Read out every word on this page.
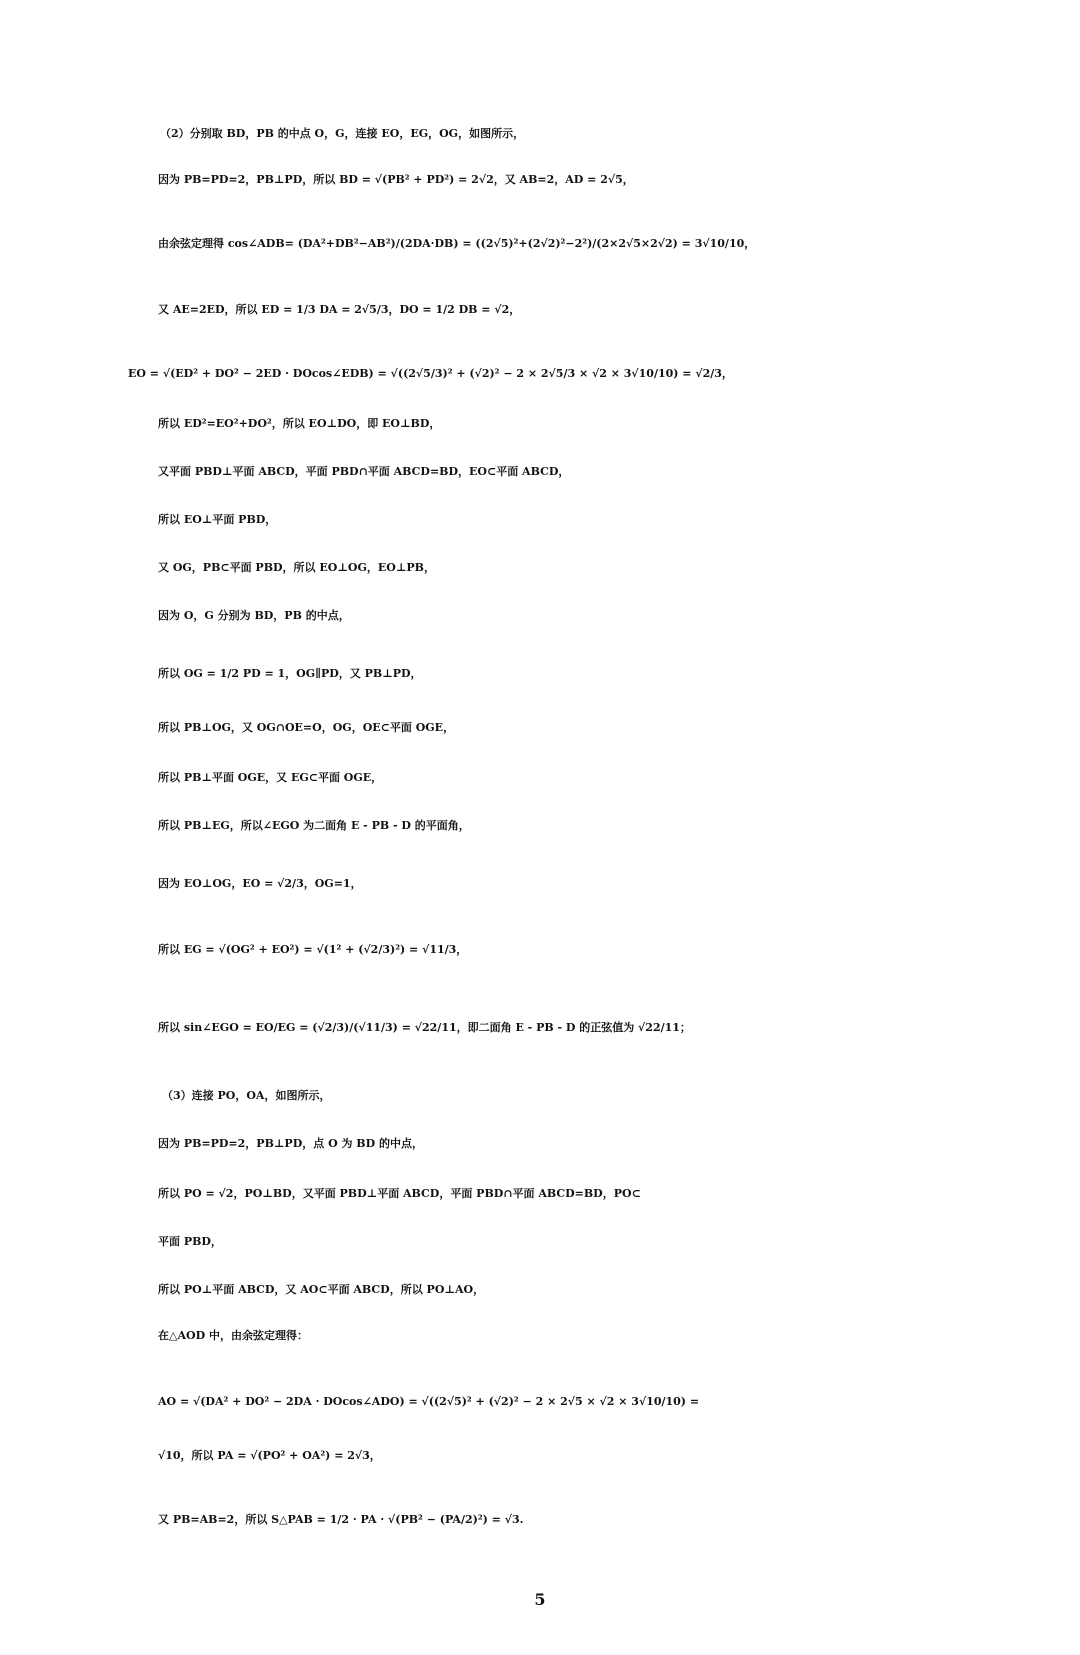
（2）分别取 BD，PB 的中点 O，G，连接 EO，EG，OG，如图所示，
因为 PB=PD=2，PB⊥PD，所以 BD = √(PB² + PD²) = 2√2，又 AB=2，AD = 2√5，
由余弦定理得 cos∠ADB= (DA²+DB²−AB²)/(2DA·DB) = ((2√5)²+(2√2)²−2²)/(2×2√5×2√2) = 3√10/10，
又 AE=2ED，所以 ED = 1/3 DA = 2√5/3，DO = 1/2 DB = √2，
EO = √(ED² + DO² − 2ED · DOcos∠EDB) = √((2√5/3)² + (√2)² − 2 × 2√5/3 × √2 × 3√10/10) = √2/3，
所以 ED²=EO²+DO²，所以 EO⊥DO，即 EO⊥BD，
又平面 PBD⊥平面 ABCD，平面 PBD∩平面 ABCD=BD，EO⊂平面 ABCD，
所以 EO⊥平面 PBD，
又 OG，PB⊂平面 PBD，所以 EO⊥OG，EO⊥PB，
因为 O，G 分别为 BD，PB 的中点，
所以 OG = 1/2 PD = 1，OG∥PD，又 PB⊥PD，
所以 PB⊥OG，又 OG∩OE=O，OG，OE⊂平面 OGE，
所以 PB⊥平面 OGE，又 EG⊂平面 OGE，
所以 PB⊥EG，所以∠EGO 为二面角 E - PB - D 的平面角，
因为 EO⊥OG，EO = √2/3，OG=1，
所以 EG = √(OG² + EO²) = √(1² + (√2/3)²) = √11/3，
所以 sin∠EGO = EO/EG = (√2/3)/(√11/3) = √22/11，即二面角 E - PB - D 的正弦值为 √22/11；
（3）连接 PO，OA，如图所示，
因为 PB=PD=2，PB⊥PD，点 O 为 BD 的中点，
所以 PO = √2，PO⊥BD，又平面 PBD⊥平面 ABCD，平面 PBD∩平面 ABCD=BD，PO⊂
平面 PBD，
所以 PO⊥平面 ABCD，又 AO⊂平面 ABCD，所以 PO⊥AO，
在△AOD 中，由余弦定理得：
AO = √(DA² + DO² − 2DA · DOcos∠ADO) = √((2√5)² + (√2)² − 2 × 2√5 × √2 × 3√10/10) =
√10，所以 PA = √(PO² + OA²) = 2√3，
又 PB=AB=2，所以 S△PAB = 1/2 · PA · √(PB² − (PA/2)²) = √3.
5
